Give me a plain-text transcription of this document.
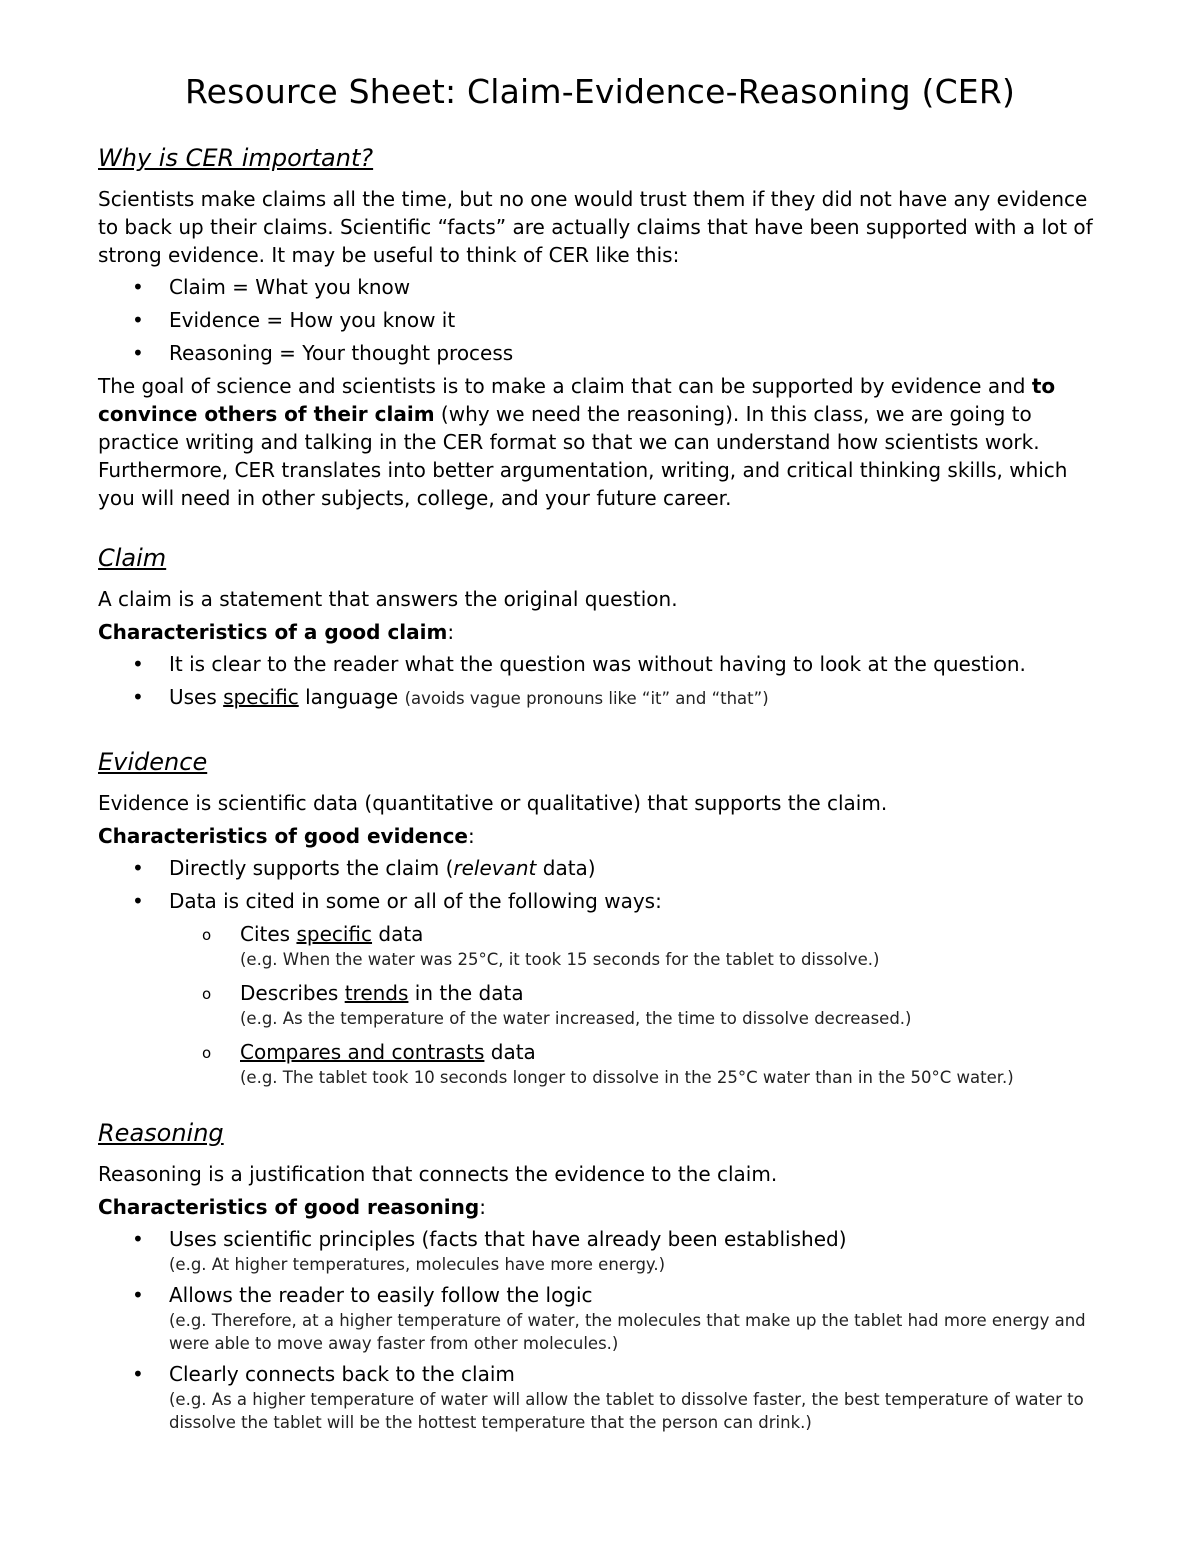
Resource Sheet: Claim-Evidence-Reasoning (CER)
Why is CER important?

Scientists make claims all the time, but no one would trust them if they did not have any evidence to back up their claims. Scientific “facts” are actually claims that have been supported with a lot of strong evidence. It may be useful to think of CER like this:

• Claim = What you know
• Evidence = How you know it
• Reasoning = Your thought process

The goal of science and scientists is to make a claim that can be supported by evidence and to convince others of their claim (why we need the reasoning). In this class, we are going to practice writing and talking in the CER format so that we can understand how scientists work. Furthermore, CER translates into better argumentation, writing, and critical thinking skills, which you will need in other subjects, college, and your future career.

Claim

A claim is a statement that answers the original question.

Characteristics of a good claim:
• It is clear to the reader what the question was without having to look at the question.
• Uses specific language (avoids vague pronouns like “it” and “that”)
Evidence

Evidence is scientific data (quantitative or qualitative) that supports the claim.

Characteristics of good evidence:
• Directly supports the claim (relevant data)
• Data is cited in some or all of the following ways:
o Cites specific data
(e.g. When the water was 25°C, it took 15 seconds for the tablet to dissolve.)
o Describes trends in the data
(e.g. As the temperature of the water increased, the time to dissolve decreased.)
o Compares and contrasts data
(e.g. The tablet took 10 seconds longer to dissolve in the 25°C water than in the 50°C water.)
Reasoning

Reasoning is a justification that connects the evidence to the claim.

Characteristics of good reasoning:
• Uses scientific principles (facts that have already been established)
(e.g. At higher temperatures, molecules have more energy.)
• Allows the reader to easily follow the logic
(e.g. Therefore, at a higher temperature of water, the molecules that make up the tablet had more energy and were able to move away faster from other molecules.)
• Clearly connects back to the claim
(e.g. As a higher temperature of water will allow the tablet to dissolve faster, the best temperature of water to dissolve the tablet will be the hottest temperature that the person can drink.)
